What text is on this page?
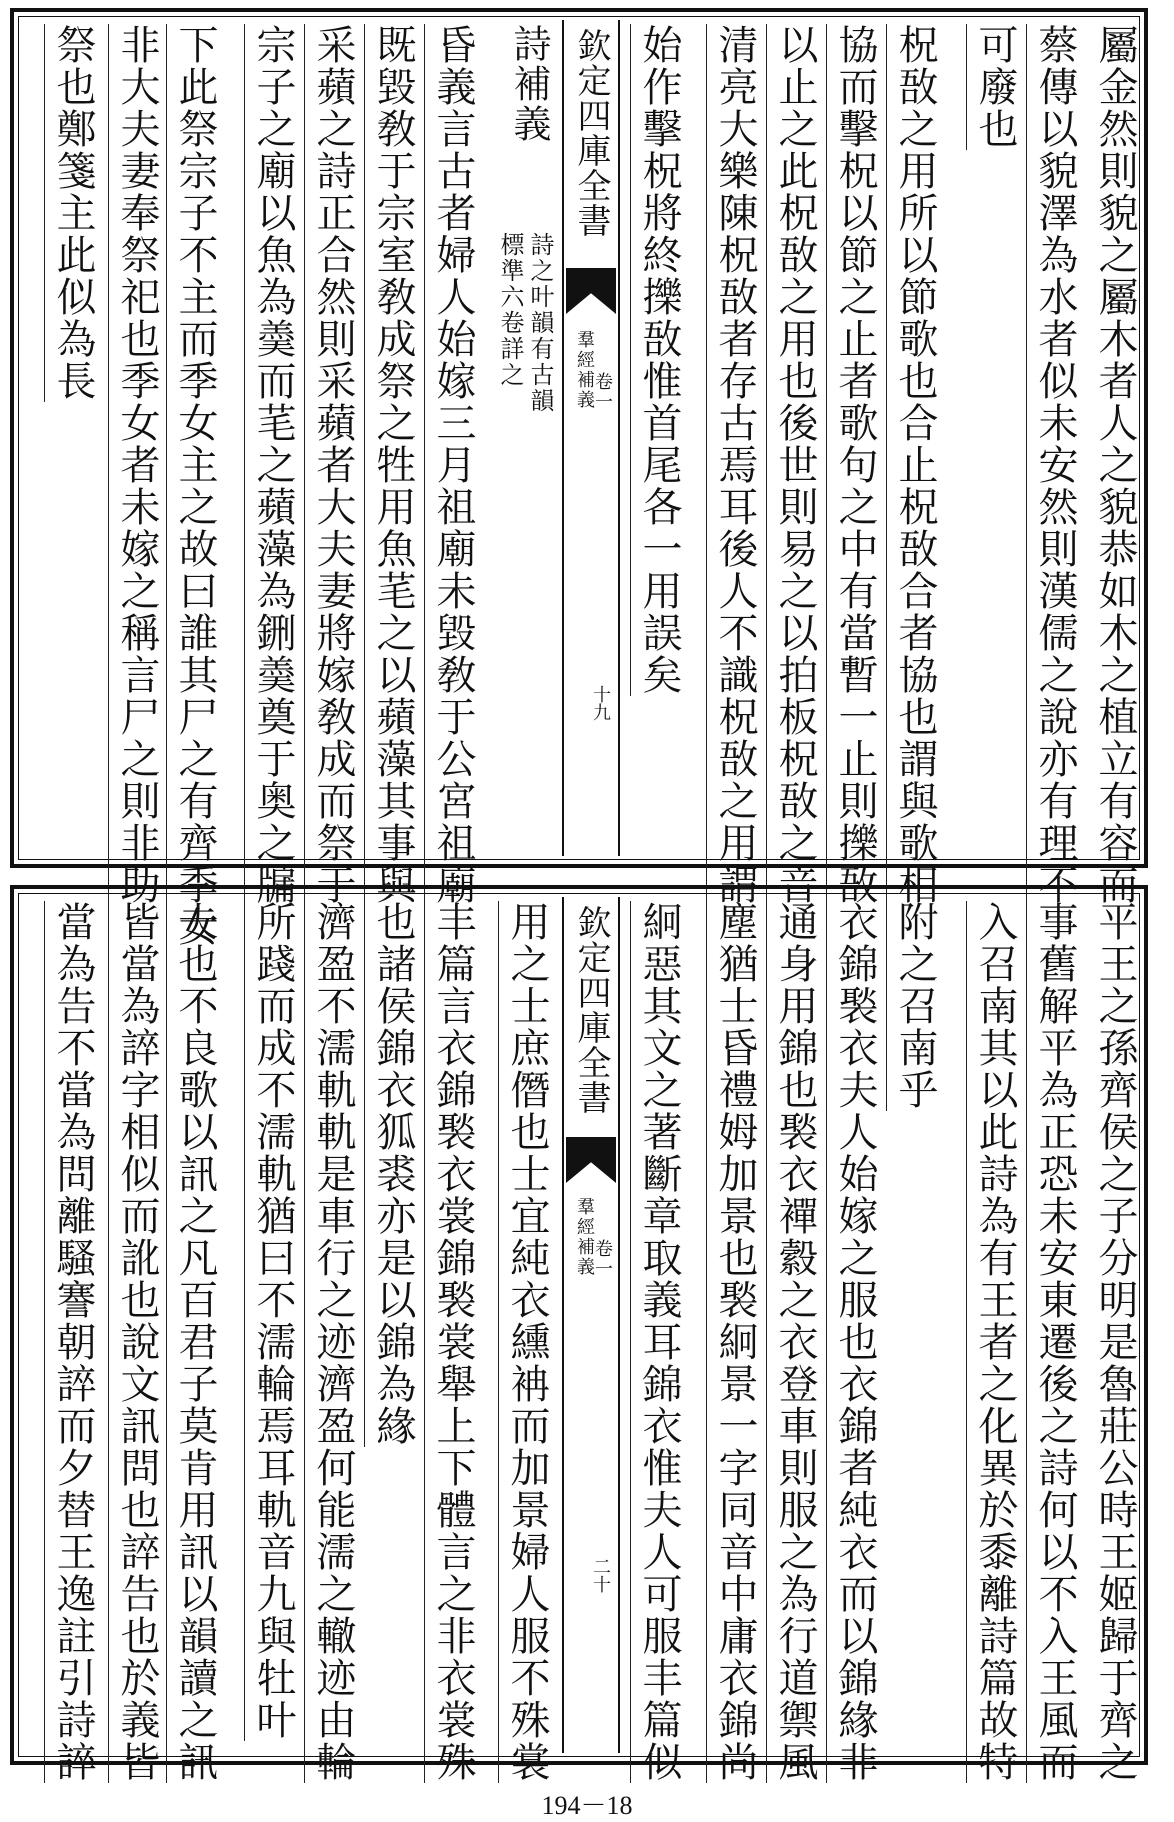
屬金然則貌之屬木者人之貌恭如木之植立有容而
蔡傳以貌澤為水者似未安然則漢儒之說亦有理不
可廢也
柷敔之用所以節歌也合止柷敔合者協也謂與歌相
協而擊柷以節之止者歌句之中有當暫一止則擽敔
以止之此柷敔之用也後世則易之以拍板柷敔之音
清亮大樂陳柷敔者存古焉耳後人不識柷敔之用謂
始作擊柷將終擽敔惟首尾各一用誤矣
欽定四庫全書
羣經補義
卷一
十九
詩補義
詩之叶韻有古韻
標準六卷詳之
昏義言古者婦人始嫁三月祖廟未毀敎于公宮祖廟
既毀敎于宗室敎成祭之牲用魚芼之以蘋藻其事與
采蘋之詩正合然則采蘋者大夫妻將嫁敎成而祭于
宗子之廟以魚為羮而芼之蘋藻為鉶羮奠于奥之牖
下此祭宗子不主而季女主之故曰誰其尸之有齊季女
非大夫妻奉祭祀也季女者未嫁之稱言尸之則非助
祭也鄭箋主此似為長
平王之孫齊侯之子分明是魯莊公時王姬歸于齊之
事舊解平為正恐未安東遷後之詩何以不入王風而
入召南其以此詩為有王者之化異於黍離詩篇故特
附之召南乎
衣錦褧衣夫人始嫁之服也衣錦者純衣而以錦緣非
通身用錦也褧衣襌縠之衣登車則服之為行道禦風
塵猶士昏禮姆加景也褧絅景一字同音中庸衣錦尚
絅惡其文之著斷章取義耳錦衣惟夫人可服丰篇似
欽定四庫全書
羣經補義
卷一
二十
用之士庶僭也士宜純衣纁袡而加景婦人服不殊裳
丰篇言衣錦褧衣裳錦褧裳舉上下體言之非衣裳殊
也諸侯錦衣狐裘亦是以錦為緣
濟盈不濡軌軌是車行之迹濟盈何能濡之轍迹由輪
所踐而成不濡軌猶曰不濡輪焉耳軌音九與牡叶
夫也不良歌以訊之凡百君子莫肯用訊以韻讀之訊
皆當為誶字相似而訛也說文訊問也誶告也於義皆
當為告不當為問離騷謇朝誶而夕替王逸註引詩誶
194－18
